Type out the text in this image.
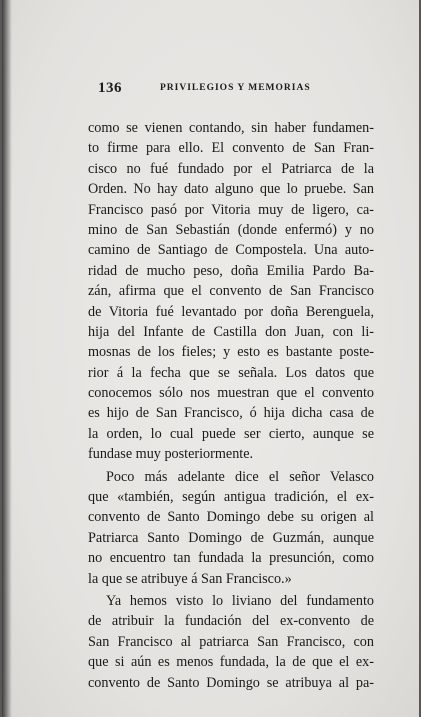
136	PRIVILEGIOS Y MEMORIAS
como se vienen contando, sin haber fundamen-
to firme para ello. El convento de San Fran-
cisco no fué fundado por el Patriarca de la
Orden. No hay dato alguno que lo pruebe. San
Francisco pasó por Vitoria muy de ligero, ca-
mino de San Sebastián (donde enfermó) y no
camino de Santiago de Compostela. Una auto-
ridad de mucho peso, doña Emilia Pardo Ba-
zán, afirma que el convento de San Francisco
de Vitoria fué levantado por doña Berenguela,
hija del Infante de Castilla don Juan, con li-
mosnas de los fieles; y esto es bastante poste-
rior á la fecha que se señala. Los datos que
conocemos sólo nos muestran que el convento
es hijo de San Francisco, ó hija dicha casa de
la orden, lo cual puede ser cierto, aunque se
fundase muy posteriormente.
Poco más adelante dice el señor Velasco
que «también, según antigua tradición, el ex-
convento de Santo Domingo debe su origen al
Patriarca Santo Domingo de Guzmán, aunque
no encuentro tan fundada la presunción, como
la que se atribuye á San Francisco.»
Ya hemos visto lo liviano del fundamento
de atribuir la fundación del ex-convento de
San Francisco al patriarca San Francisco, con
que si aún es menos fundada, la de que el ex-
convento de Santo Domingo se atribuya al pa-
